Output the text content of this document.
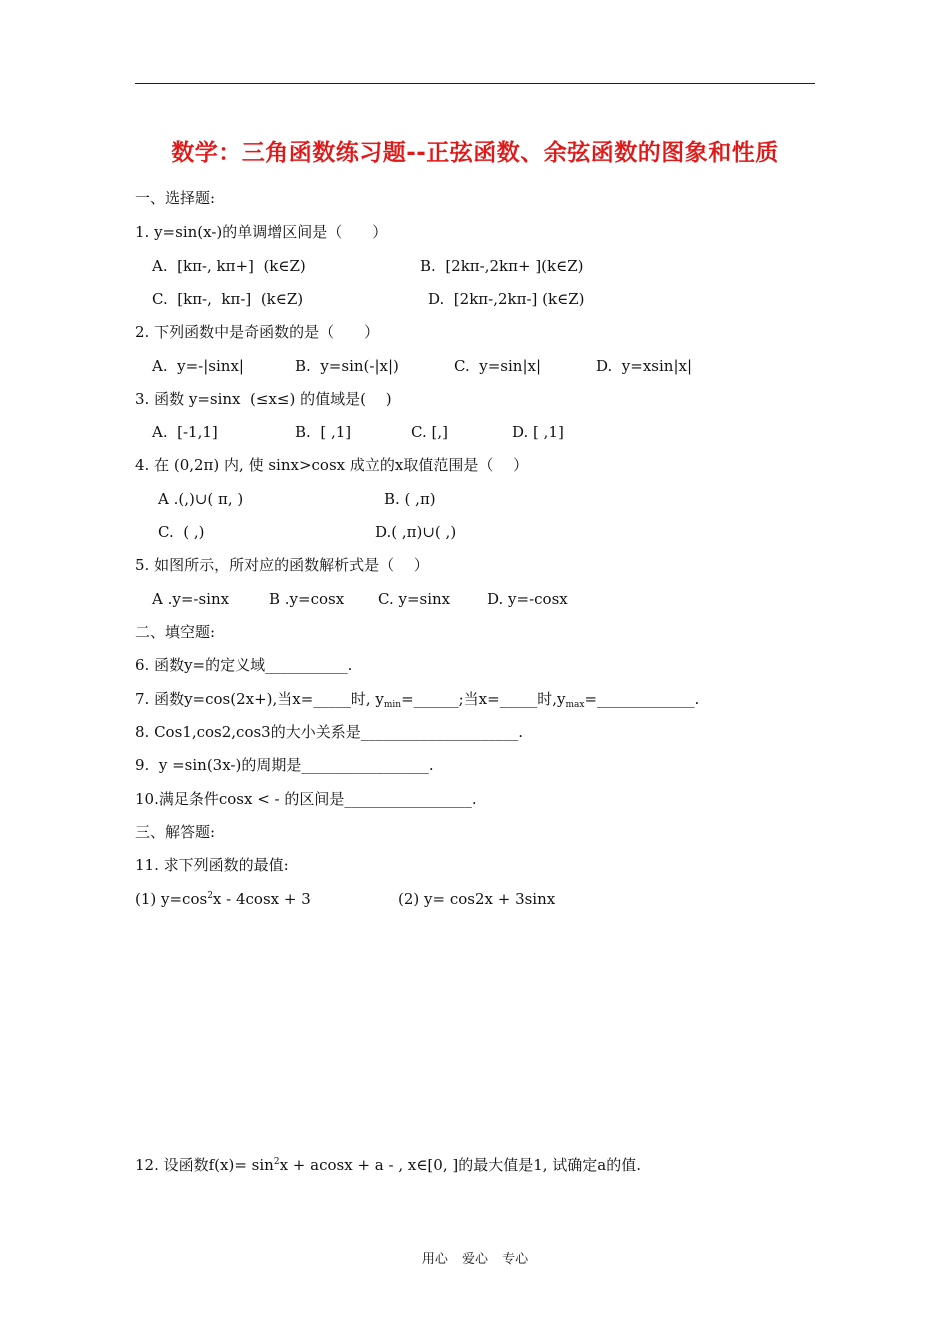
数学：三角函数练习题--正弦函数、余弦函数的图象和性质
一、选择题:
1. y=sin(x-)的单调增区间是（　　）
A.  [kπ-, kπ+]  (k∈Z)	B.  [2kπ-,2kπ+ ](k∈Z)
C.  [kπ-,  kπ-]  (k∈Z)	D.  [2kπ-,2kπ-] (k∈Z)
2. 下列函数中是奇函数的是（　　）
A.  y=-|sinx|	B.  y=sin(-|x|)	C.  y=sin|x|	D.  y=xsin|x|
3. 函数 y=sinx  (≤x≤) 的值域是(　 )
A.  [-1,1]	B.  [ ,1]	C. [,]	D. [ ,1]
4. 在 (0,2π) 内, 使 sinx>cosx 成立的x取值范围是（　 ）
A .(,)∪( π, )	B. ( ,π)
C.  ( ,)	D.( ,π)∪( ,)
5. 如图所示，所对应的函数解析式是（　 ）
A .y=-sinx	B .y=cosx C. y=sinx D. y=-cosx
二、填空题:
6. 函数y=的定义域___________.
7. 函数y=cos(2x+),当x=_____时, $y_{min}=\_\_\_\_\_\_$;当x=_____时$,y_{max}=\_\_\_\_\_\_\_\_\_\_\_\_\_$.
8. Cos1,cos2,cos3的大小关系是_____________________.
9.  y =sin(3x-)的周期是_________________.
10.满足条件cosx < - 的区间是_________________.
三、解答题:
11. 求下列函数的最值:
(1) $y=\cos^2x - 4\cos x + 3$	(2) y= cos2x + 3sinx
12. 设函数$f(x)= \sin^2x + acosx + a$ - , x∈[0, ]的最大值是1, 试确定a的值.
用心 爱心 专心
